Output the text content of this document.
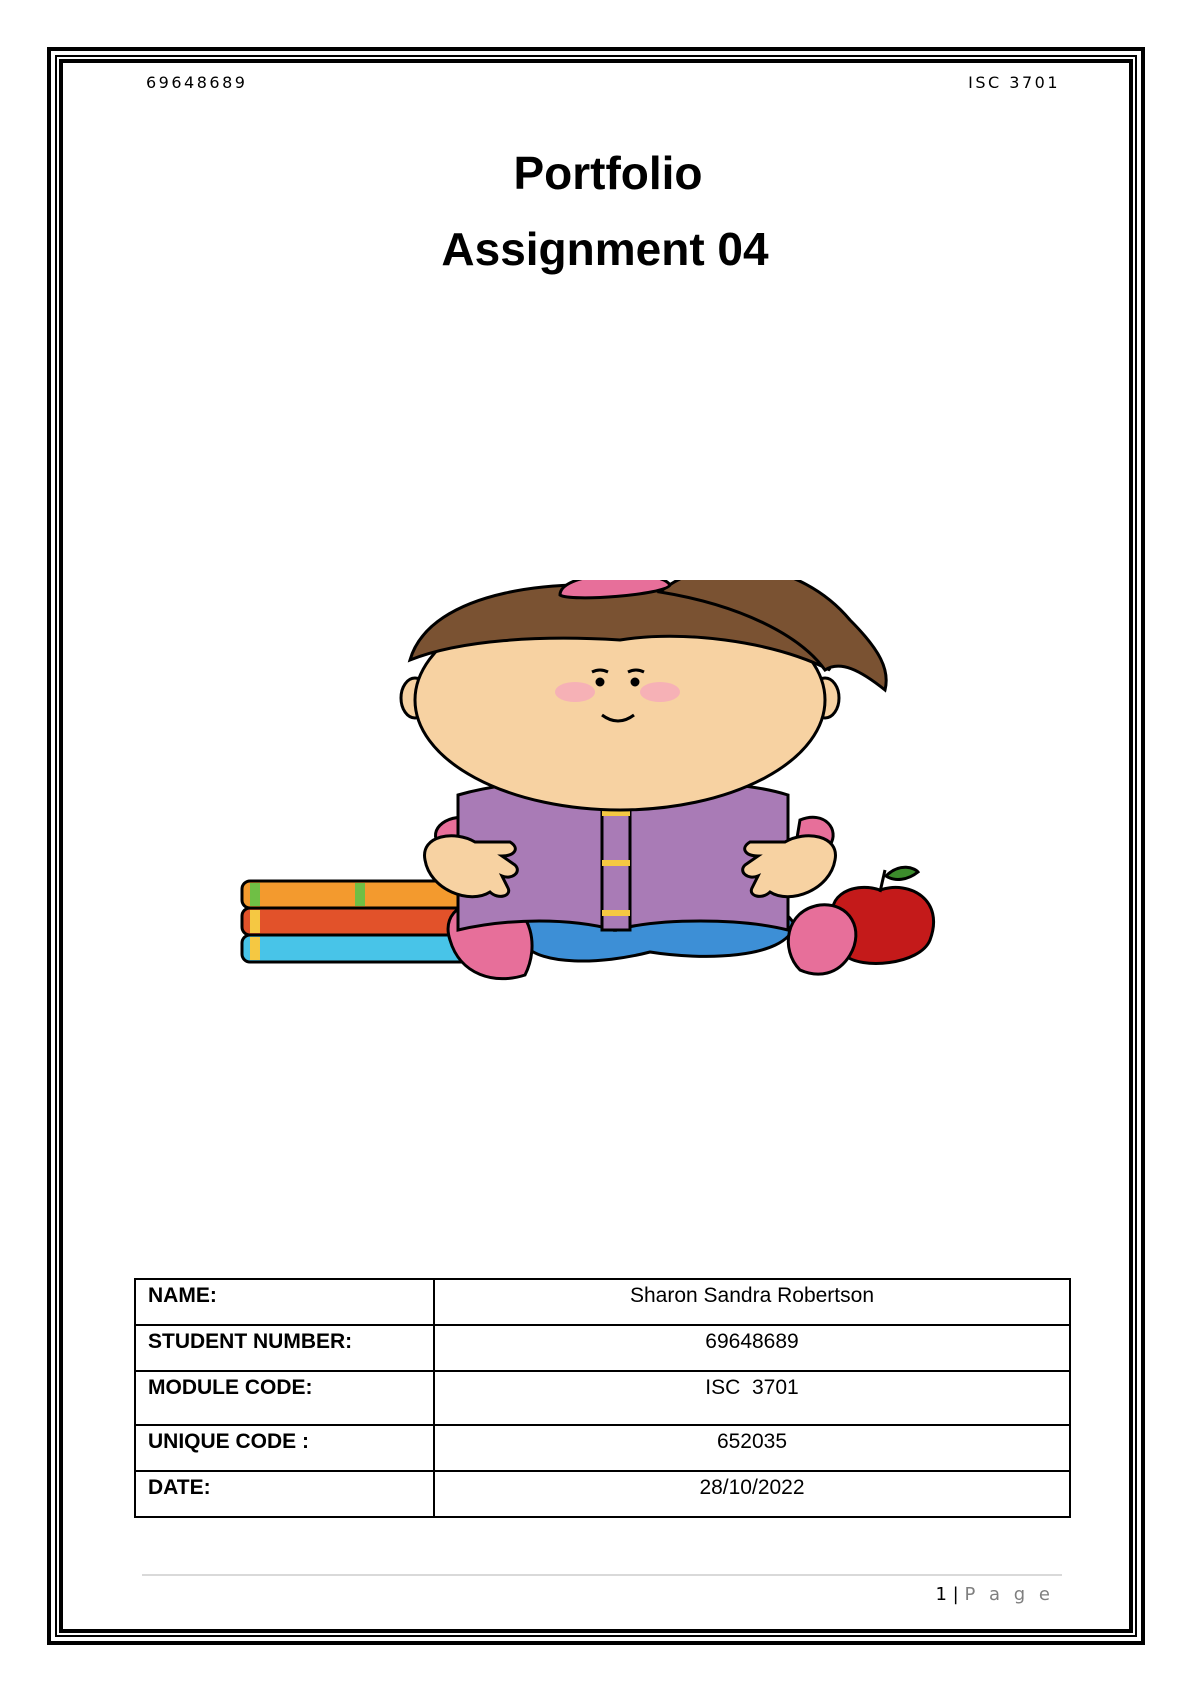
69648689	ISC 3701
Portfolio
Assignment 04
NAME:	Sharon Sandra Robertson
STUDENT NUMBER:	69648689
MODULE CODE:	ISC  3701
UNIQUE CODE :	652035
DATE:	28/10/2022
1 | P a g e
